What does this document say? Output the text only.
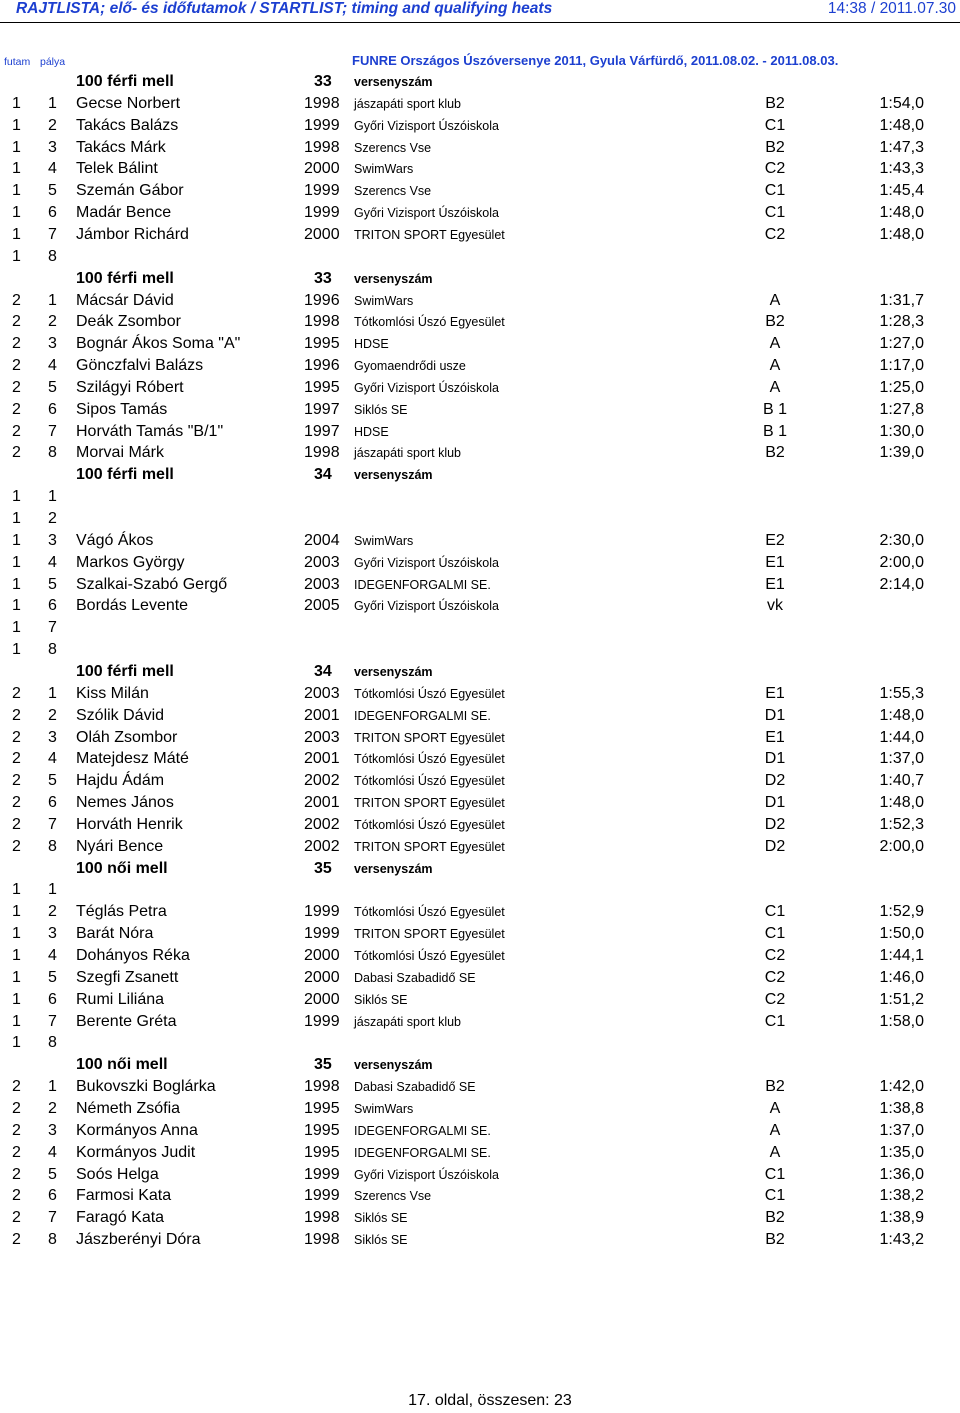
RAJTLISTA; elő- és időfutamok / STARTLIST; timing and qualifying heats	14:38 / 2011.07.30
futam pálya	FUNRE Országos Úszóversenye 2011, Gyula Várfürdő, 2011.08.02. - 2011.08.03.
100 férfi mell	33 versenyszám
1 1 Gecse Norbert	1998 jászapáti sport klub	B2	1:54,0
1 2 Takács Balázs	1999 Győri Vizisport Úszóiskola	C1	1:48,0
1 3 Takács Márk	1998 Szerencs Vse	B2	1:47,3
1 4 Telek Bálint	2000 SwimWars	C2	1:43,3
1 5 Szemán Gábor	1999 Szerencs Vse	C1	1:45,4
1 6 Madár Bence	1999 Győri Vizisport Úszóiskola	C1	1:48,0
1 7 Jámbor Richárd	2000 TRITON SPORT Egyesület	C2	1:48,0
1 8
100 férfi mell	33 versenyszám
2 1 Mácsár Dávid	1996 SwimWars	A	1:31,7
2 2 Deák Zsombor	1998 Tótkomlósi Úszó Egyesület	B2	1:28,3
2 3 Bognár Ákos Soma "A"	1995 HDSE	A	1:27,0
2 4 Gönczfalvi Balázs	1996 Gyomaendrődi usze	A	1:17,0
2 5 Szilágyi Róbert	1995 Győri Vizisport Úszóiskola	A	1:25,0
2 6 Sipos Tamás	1997 Siklós SE	B 1	1:27,8
2 7 Horváth Tamás "B/1"	1997 HDSE	B 1	1:30,0
2 8 Morvai Márk	1998 jászapáti sport klub	B2	1:39,0
100 férfi mell	34 versenyszám
1 1
1 2
1 3 Vágó Ákos	2004 SwimWars	E2	2:30,0
1 4 Markos György	2003 Győri Vizisport Úszóiskola	E1	2:00,0
1 5 Szalkai-Szabó Gergő	2003 IDEGENFORGALMI SE.	E1	2:14,0
1 6 Bordás Levente	2005 Győri Vizisport Úszóiskola	vk
1 7
1 8
100 férfi mell	34 versenyszám
2 1 Kiss Milán	2003 Tótkomlósi Úszó Egyesület	E1	1:55,3
2 2 Szólik Dávid	2001 IDEGENFORGALMI SE.	D1	1:48,0
2 3 Oláh Zsombor	2003 TRITON SPORT Egyesület	E1	1:44,0
2 4 Matejdesz Máté	2001 Tótkomlósi Úszó Egyesület	D1	1:37,0
2 5 Hajdu Ádám	2002 Tótkomlósi Úszó Egyesület	D2	1:40,7
2 6 Nemes János	2001 TRITON SPORT Egyesület	D1	1:48,0
2 7 Horváth Henrik	2002 Tótkomlósi Úszó Egyesület	D2	1:52,3
2 8 Nyári Bence	2002 TRITON SPORT Egyesület	D2	2:00,0
100 női mell	35 versenyszám
1 1
1 2 Téglás Petra	1999 Tótkomlósi Úszó Egyesület	C1	1:52,9
1 3 Barát Nóra	1999 TRITON SPORT Egyesület	C1	1:50,0
1 4 Dohányos Réka	2000 Tótkomlósi Úszó Egyesület	C2	1:44,1
1 5 Szegfi Zsanett	2000 Dabasi Szabadidő SE	C2	1:46,0
1 6 Rumi Liliána	2000 Siklós SE	C2	1:51,2
1 7 Berente Gréta	1999 jászapáti sport klub	C1	1:58,0
1 8
100 női mell	35 versenyszám
2 1 Bukovszki Boglárka	1998 Dabasi Szabadidő SE	B2	1:42,0
2 2 Németh Zsófia	1995 SwimWars	A	1:38,8
2 3 Kormányos Anna	1995 IDEGENFORGALMI SE.	A	1:37,0
2 4 Kormányos Judit	1995 IDEGENFORGALMI SE.	A	1:35,0
2 5 Soós Helga	1999 Győri Vizisport Úszóiskola	C1	1:36,0
2 6 Farmosi Kata	1999 Szerencs Vse	C1	1:38,2
2 7 Faragó Kata	1998 Siklós SE	B2	1:38,9
2 8 Jászberényi Dóra	1998 Siklós SE	B2	1:43,2
17. oldal, összesen: 23
